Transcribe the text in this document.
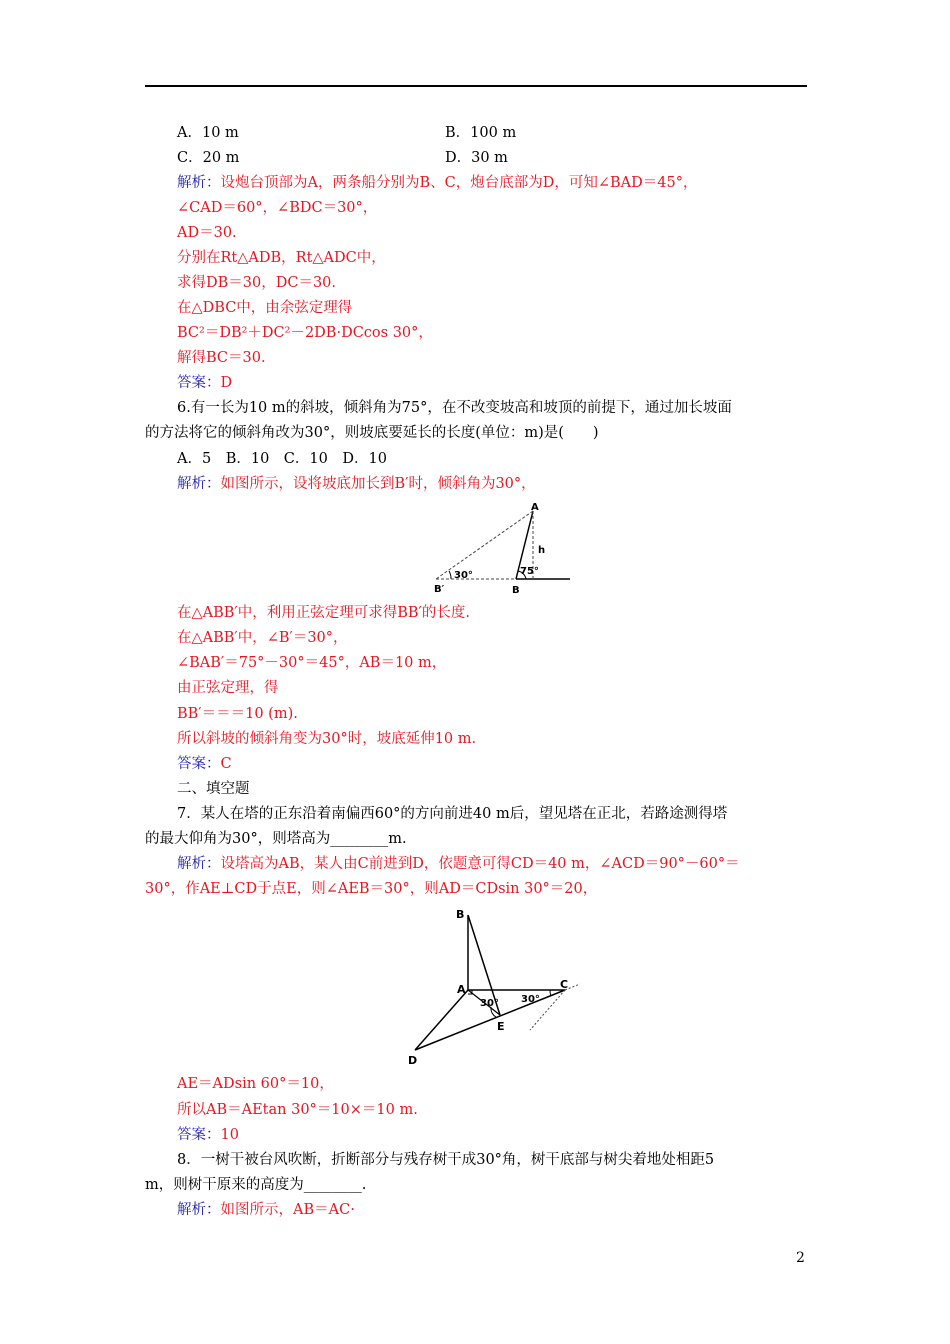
A．10 m	B．100 m
C．20 m	D．30 m
解析：设炮台顶部为A，两条船分别为B、C，炮台底部为D，可知∠BAD＝45°，
∠CAD＝60°，∠BDC＝30°，
AD＝30.
分别在Rt△ADB，Rt△ADC中，
求得DB＝30，DC＝30.
在△DBC中，由余弦定理得
BC²＝DB²＋DC²－2DB·DCcos 30°，
解得BC＝30.
答案：D
6.有一长为10 m的斜坡，倾斜角为75°，在不改变坡高和坡顶的前提下，通过加长坡面
的方法将它的倾斜角改为30°，则坡底要延长的长度(单位：m)是(　　)
A．5　B．10　C．10　D．10
解析：如图所示，设将坡底加长到B′时，倾斜角为30°，
A
h
30°	75°
B′	B
在△ABB′中，利用正弦定理可求得BB′的长度.
在△ABB′中，∠B′＝30°，
∠BAB′＝75°－30°＝45°，AB＝10 m，
由正弦定理，得
BB′＝＝＝10 (m).
所以斜坡的倾斜角变为30°时，坡底延伸10 m.
答案：C
二、填空题
7．某人在塔的正东沿着南偏西60°的方向前进40 m后，望见塔在正北，若路途测得塔
的最大仰角为30°，则塔高为________m.
解析：设塔高为AB，某人由C前进到D，依题意可得CD＝40 m，∠ACD＝90°－60°＝
30°，作AE⊥CD于点E，则∠AEB＝30°，则AD＝CDsin 30°＝20，
B
A	C
E
D
30° 30°
AE＝ADsin 60°＝10，
所以AB＝AEtan 30°＝10×＝10 m.
答案：10
8．一树干被台风吹断，折断部分与残存树干成30°角，树干底部与树尖着地处相距5
m，则树干原来的高度为________.
解析：如图所示，AB＝AC·
2
